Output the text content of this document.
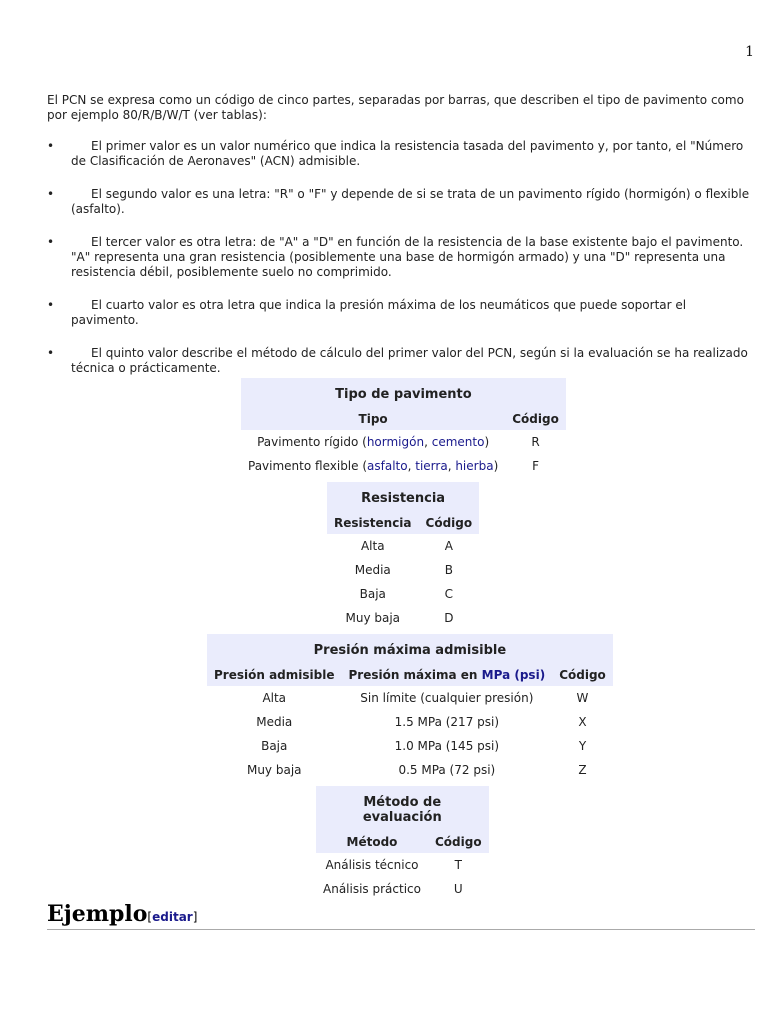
1

El PCN se expresa como un código de cinco partes, separadas por barras, que describen el tipo de pavimento como por ejemplo 80/R/B/W/T (ver tablas):

•	El primer valor es un valor numérico que indica la resistencia tasada del pavimento y, por tanto, el "Número de Clasificación de Aeronaves" (ACN) admisible.
•	El segundo valor es una letra: "R" o "F" y depende de si se trata de un pavimento rígido (hormigón) o flexible (asfalto).
•	El tercer valor es otra letra: de "A" a "D" en función de la resistencia de la base existente bajo el pavimento. "A" representa una gran resistencia (posiblemente una base de hormigón armado) y una "D" representa una resistencia débil, posiblemente suelo no comprimido.
•	El cuarto valor es otra letra que indica la presión máxima de los neumáticos que puede soportar el pavimento.
•	El quinto valor describe el método de cálculo del primer valor del PCN, según si la evaluación se ha realizado técnica o prácticamente.
Tipo de pavimento
Tipo	Código
Pavimento rígido (hormigón, cemento)	R
Pavimento flexible (asfalto, tierra, hierba)	F
Resistencia
Resistencia	Código
Alta	A
Media	B
Baja	C
Muy baja	D
Presión máxima admisible
Presión admisible	Presión máxima en MPa (psi)	Código
Alta	Sin límite (cualquier presión)	W
Media	1.5 MPa (217 psi)	X
Baja	1.0 MPa (145 psi)	Y
Muy baja	0.5 MPa (72 psi)	Z
Método de evaluación
Método	Código
Análisis técnico	T
Análisis práctico	U
Ejemplo[editar]
